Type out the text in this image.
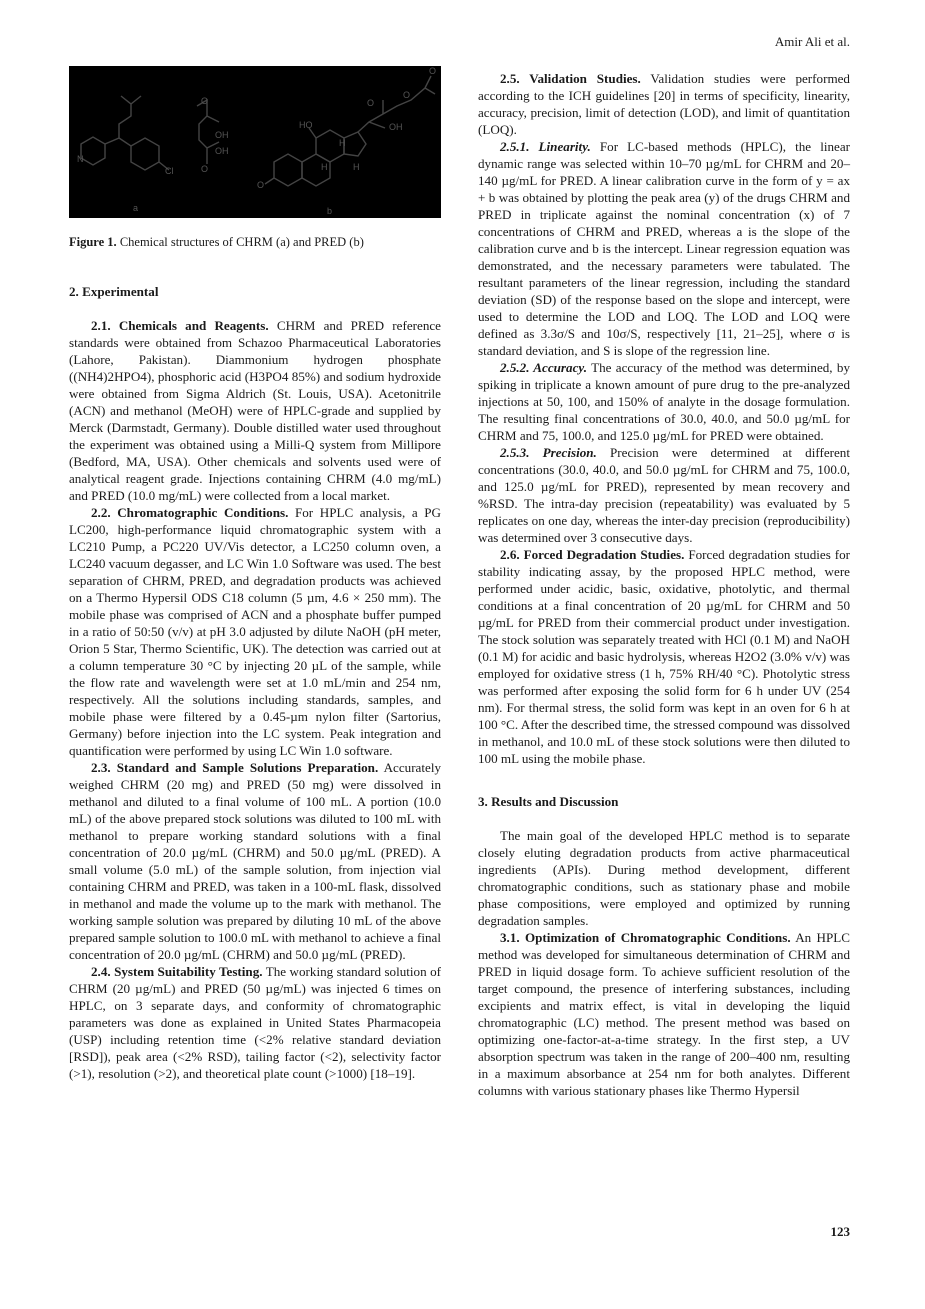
Amir Ali et al.
N
Cl
O
OH
OH
O
HO	OH
H
H	H
O
O
O
O
a	b
Figure 1. Chemical structures of CHRM (a) and PRED (b)
2. Experimental

2.1. Chemicals and Reagents. CHRM and PRED reference standards were obtained from Schazoo Pharmaceutical Laboratories (Lahore, Pakistan). Diammonium hydrogen phosphate ((NH4)2HPO4), phosphoric acid (H3PO4 85%) and sodium hydroxide were obtained from Sigma Aldrich (St. Louis, USA). Acetonitrile (ACN) and methanol (MeOH) were of HPLC-grade and supplied by Merck (Darmstadt, Germany). Double distilled water used throughout the experiment was obtained using a Milli-Q system from Millipore (Bedford, MA, USA). Other chemicals and solvents used were of analytical reagent grade. Injections containing CHRM (4.0 mg/mL) and PRED (10.0 mg/mL) were collected from a local market.

2.2. Chromatographic Conditions. For HPLC analysis, a PG LC200, high-performance liquid chromatographic system with a LC210 Pump, a PC220 UV/Vis detector, a LC250 column oven, a LC240 vacuum degasser, and LC Win 1.0 Software was used. The best separation of CHRM, PRED, and degradation products was achieved on a Thermo Hypersil ODS C18 column (5 µm, 4.6 × 250 mm). The mobile phase was comprised of ACN and a phosphate buffer pumped in a ratio of 50:50 (v/v) at pH 3.0 adjusted by dilute NaOH (pH meter, Orion 5 Star, Thermo Scientific, UK). The detection was carried out at a column temperature 30 °C by injecting 20 µL of the sample, while the flow rate and wavelength were set at 1.0 mL/min and 254 nm, respectively. All the solutions including standards, samples, and mobile phase were filtered by a 0.45-µm nylon filter (Sartorius, Germany) before injection into the LC system. Peak integration and quantification were performed by using LC Win 1.0 software.

2.3. Standard and Sample Solutions Preparation. Accurately weighed CHRM (20 mg) and PRED (50 mg) were dissolved in methanol and diluted to a final volume of 100 mL. A portion (10.0 mL) of the above prepared stock solutions was diluted to 100 mL with methanol to prepare working standard solutions with a final concentration of 20.0 µg/mL (CHRM) and 50.0 µg/mL (PRED). A small volume (5.0 mL) of the sample solution, from injection vial containing CHRM and PRED, was taken in a 100-mL flask, dissolved in methanol and made the volume up to the mark with methanol. The working sample solution was prepared by diluting 10 mL of the above prepared sample solution to 100.0 mL with methanol to achieve a final concentration of 20.0 µg/mL (CHRM) and 50.0 µg/mL (PRED).

2.4. System Suitability Testing. The working standard solution of CHRM (20 µg/mL) and PRED (50 µg/mL) was injected 6 times on HPLC, on 3 separate days, and conformity of chromatographic parameters was done as explained in United States Pharmacopeia (USP) including retention time (<2% relative standard deviation [RSD]), peak area (<2% RSD), tailing factor (<2), selectivity factor (>1), resolution (>2), and theoretical plate count (>1000) [18–19].

2.5. Validation Studies. Validation studies were performed according to the ICH guidelines [20] in terms of specificity, linearity, accuracy, precision, limit of detection (LOD), and limit of quantitation (LOQ).

2.5.1. Linearity. For LC-based methods (HPLC), the linear dynamic range was selected within 10–70 µg/mL for CHRM and 20–140 µg/mL for PRED. A linear calibration curve in the form of y = ax + b was obtained by plotting the peak area (y) of the drugs CHRM and PRED in triplicate against the nominal concentration (x) of 7 concentrations of CHRM and PRED, whereas a is the slope of the calibration curve and b is the intercept. Linear regression equation was demonstrated, and the necessary parameters were tabulated. The resultant parameters of the linear regression, including the standard deviation (SD) of the response based on the slope and intercept, were used to determine the LOD and LOQ. The LOD and LOQ were defined as 3.3σ/S and 10σ/S, respectively [11, 21–25], where σ is standard deviation, and S is slope of the regression line.

2.5.2. Accuracy. The accuracy of the method was determined, by spiking in triplicate a known amount of pure drug to the pre-analyzed injections at 50, 100, and 150% of analyte in the dosage formulation. The resulting final concentrations of 30.0, 40.0, and 50.0 µg/mL for CHRM and 75, 100.0, and 125.0 µg/mL for PRED were obtained.

2.5.3. Precision. Precision were determined at different concentrations (30.0, 40.0, and 50.0 µg/mL for CHRM and 75, 100.0, and 125.0 µg/mL for PRED), represented by mean recovery and %RSD. The intra-day precision (repeatability) was evaluated by 5 replicates on one day, whereas the inter-day precision (reproducibility) was determined over 3 consecutive days.

2.6. Forced Degradation Studies. Forced degradation studies for stability indicating assay, by the proposed HPLC method, were performed under acidic, basic, oxidative, photolytic, and thermal conditions at a final concentration of 20 µg/mL for CHRM and 50 µg/mL for PRED from their commercial product under investigation. The stock solution was separately treated with HCl (0.1 M) and NaOH (0.1 M) for acidic and basic hydrolysis, whereas H2O2 (3.0% v/v) was employed for oxidative stress (1 h, 75% RH/40 °C). Photolytic stress was performed after exposing the solid form for 6 h under UV (254 nm). For thermal stress, the solid form was kept in an oven for 6 h at 100 °C. After the described time, the stressed compound was dissolved in methanol, and 10.0 mL of these stock solutions were then diluted to 100 mL using the mobile phase.

3. Results and Discussion

The main goal of the developed HPLC method is to separate closely eluting degradation products from active pharmaceutical ingredients (APIs). During method development, different chromatographic conditions, such as stationary phase and mobile phase compositions, were employed and optimized by running degradation samples.

3.1. Optimization of Chromatographic Conditions. An HPLC method was developed for simultaneous determination of CHRM and PRED in liquid dosage form. To achieve sufficient resolution of the target compound, the presence of interfering substances, including excipients and matrix effect, is vital in developing the liquid chromatographic (LC) method. The present method was based on optimizing one-factor-at-a-time strategy. In the first step, a UV absorption spectrum was taken in the range of 200–400 nm, resulting in a maximum absorbance at 254 nm for both analytes. Different columns with various stationary phases like Thermo Hypersil

123
